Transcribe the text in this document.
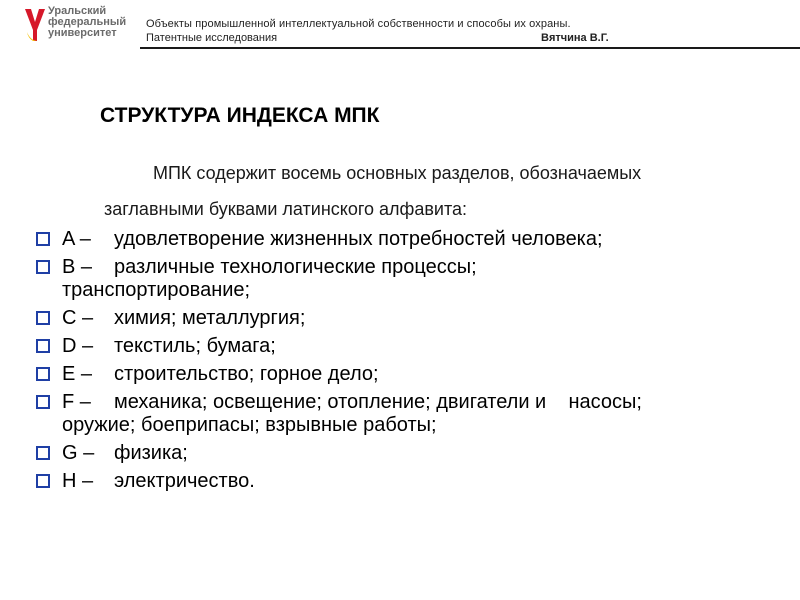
Уральский
федеральный
университет
Объекты промышленной интеллектуальной собственности и способы их охраны.
Патентные исследования	Вятчина В.Г.
СТРУКТУРА ИНДЕКСА МПК
МПК содержит восемь основных разделов, обозначаемых
заглавными буквами латинского алфавита:
A – удовлетворение жизненных потребностей человека;
B – различные технологические процессы;
транспортирование;
C – химия; металлургия;
D – текстиль; бумага;
E – строительство; горное дело;
F – механика; освещение; отопление; двигатели и    насосы;
оружие; боеприпасы; взрывные работы;
G – физика;
H – электричество.
